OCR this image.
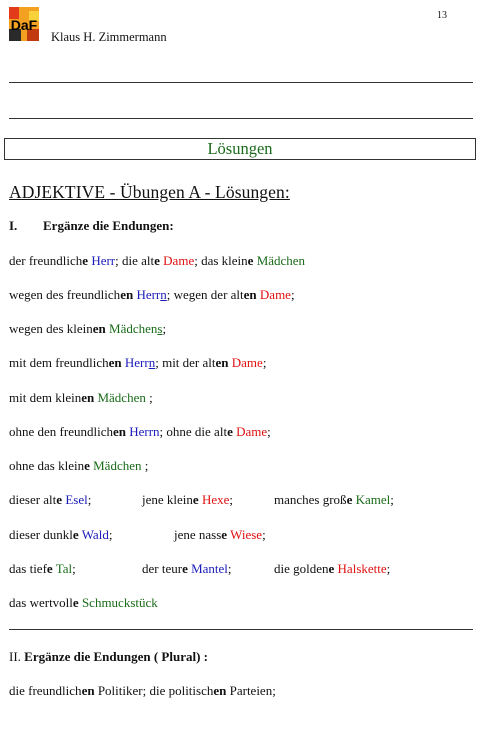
DaF
Klaus H. Zimmermann
13
Lösungen
ADJEKTIVE - Übungen A - Lösungen:
I. Ergänze die Endungen:
der freundliche Herr; die alte Dame; das kleine Mädchen
wegen des freundlichen Herrn; wegen der alten Dame;
wegen des kleinen Mädchens;
mit dem freundlichen Herrn; mit der alten Dame;
mit dem kleinen Mädchen ;
ohne den freundlichen Herrn; ohne die alte Dame;
ohne das kleine Mädchen ;
dieser alte Esel;	jene kleine Hexe;	manches große Kamel;
dieser dunkle Wald;	jene nasse Wiese;
das tiefe Tal;	der teure Mantel;	die goldene Halskette;
das wertvolle Schmuckstück
II. Ergänze die Endungen ( Plural) :
die freundlichen Politiker; die politischen Parteien;
